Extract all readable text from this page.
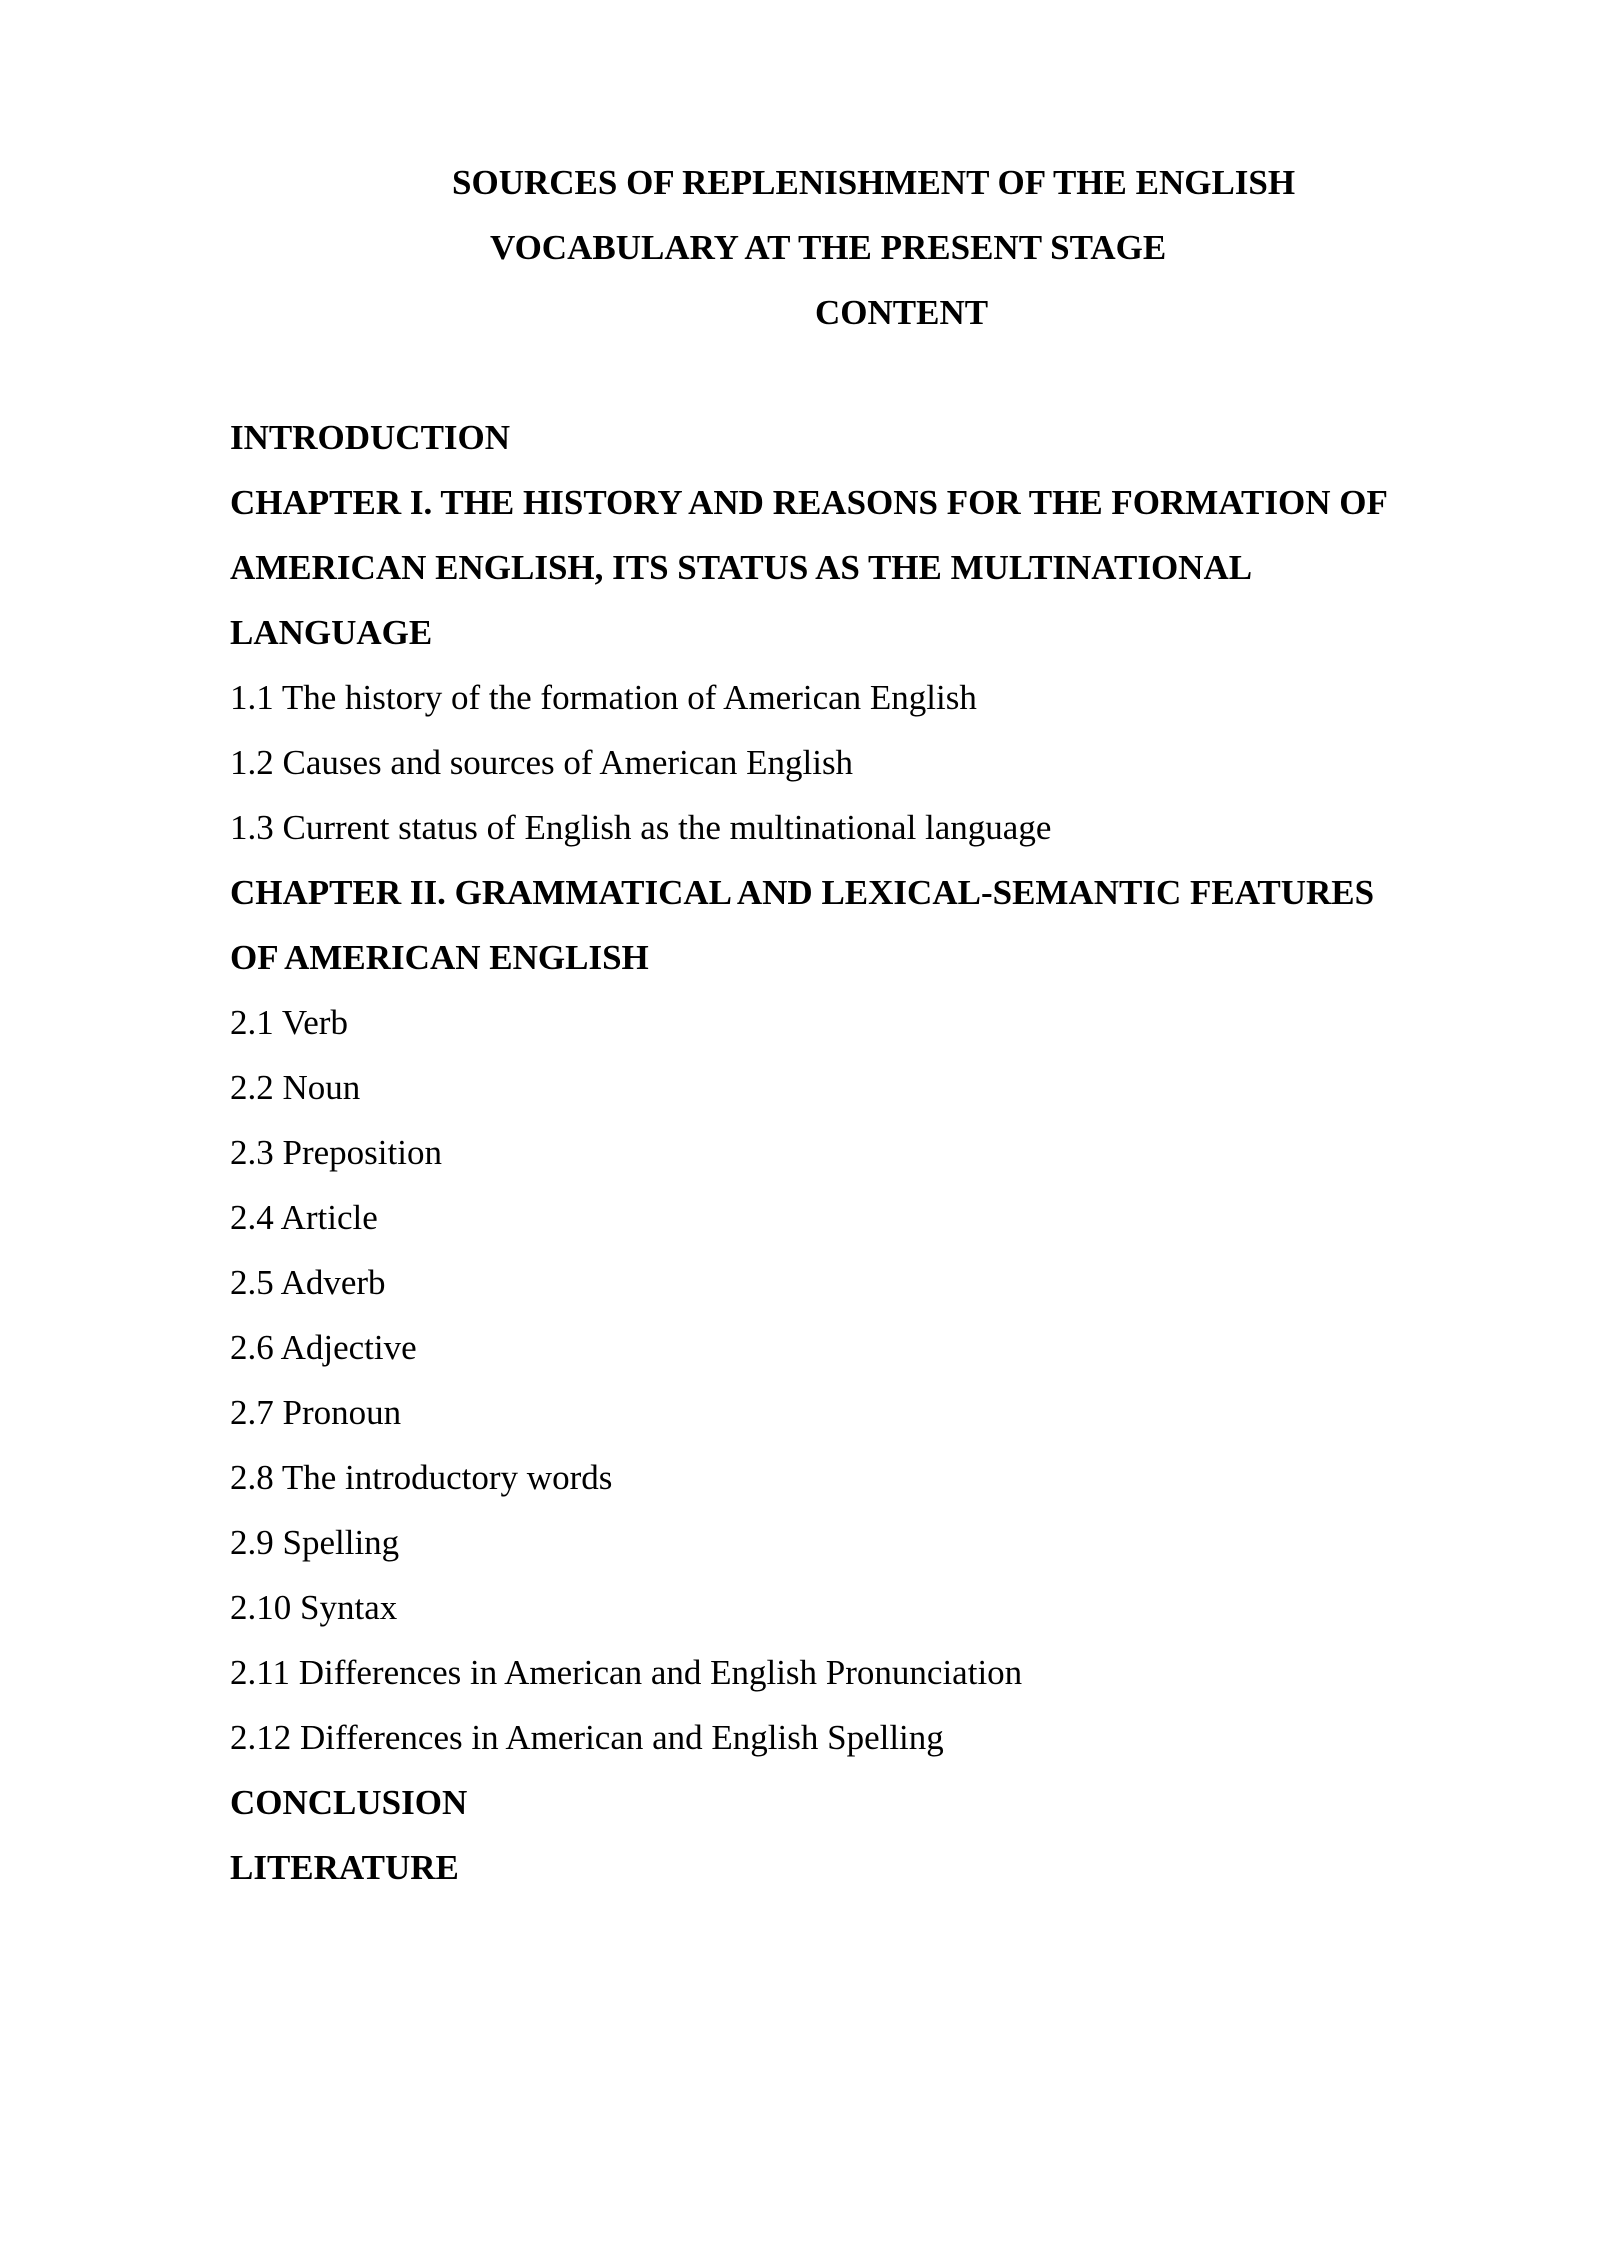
SOURCES OF REPLENISHMENT OF THE ENGLISH
VOCABULARY AT THE PRESENT STAGE
CONTENT
INTRODUCTION
CHAPTER I. THE HISTORY AND REASONS FOR THE FORMATION OF
AMERICAN ENGLISH, ITS STATUS AS THE MULTINATIONAL
LANGUAGE
1.1 The history of the formation of American English
1.2 Causes and sources of American English
1.3 Current status of English as the multinational language
CHAPTER II. GRAMMATICAL AND LEXICAL-SEMANTIC FEATURES
OF AMERICAN ENGLISH
2.1 Verb
2.2 Noun
2.3 Preposition
2.4 Article
2.5 Adverb
2.6 Adjective
2.7 Pronoun
2.8 The introductory words
2.9 Spelling
2.10 Syntax
2.11 Differences in American and English Pronunciation
2.12 Differences in American and English Spelling
CONCLUSION
LITERATURE
